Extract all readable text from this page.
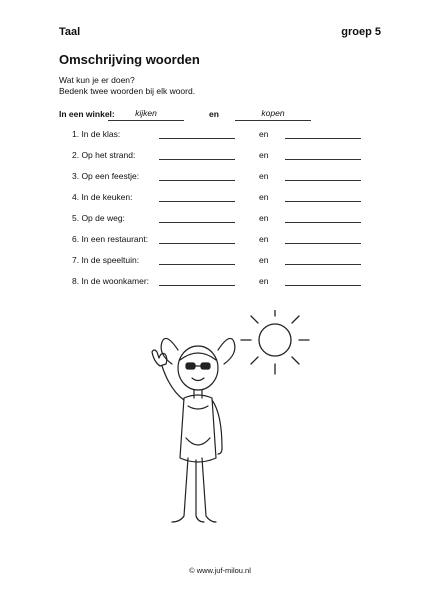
Taal	groep 5
Omschrijving woorden
Wat kun je er doen?
Bedenk twee woorden bij elk woord.
In een winkel:	kijken	en	kopen
1. In de klas:	en
2. Op het strand:	en
3. Op een feestje:	en
4. In de keuken:	en
5. Op de weg:	en
6. In een restaurant:	en
7. In de speeltuin:	en
8. In de woonkamer:	en
© www.juf-milou.nl
